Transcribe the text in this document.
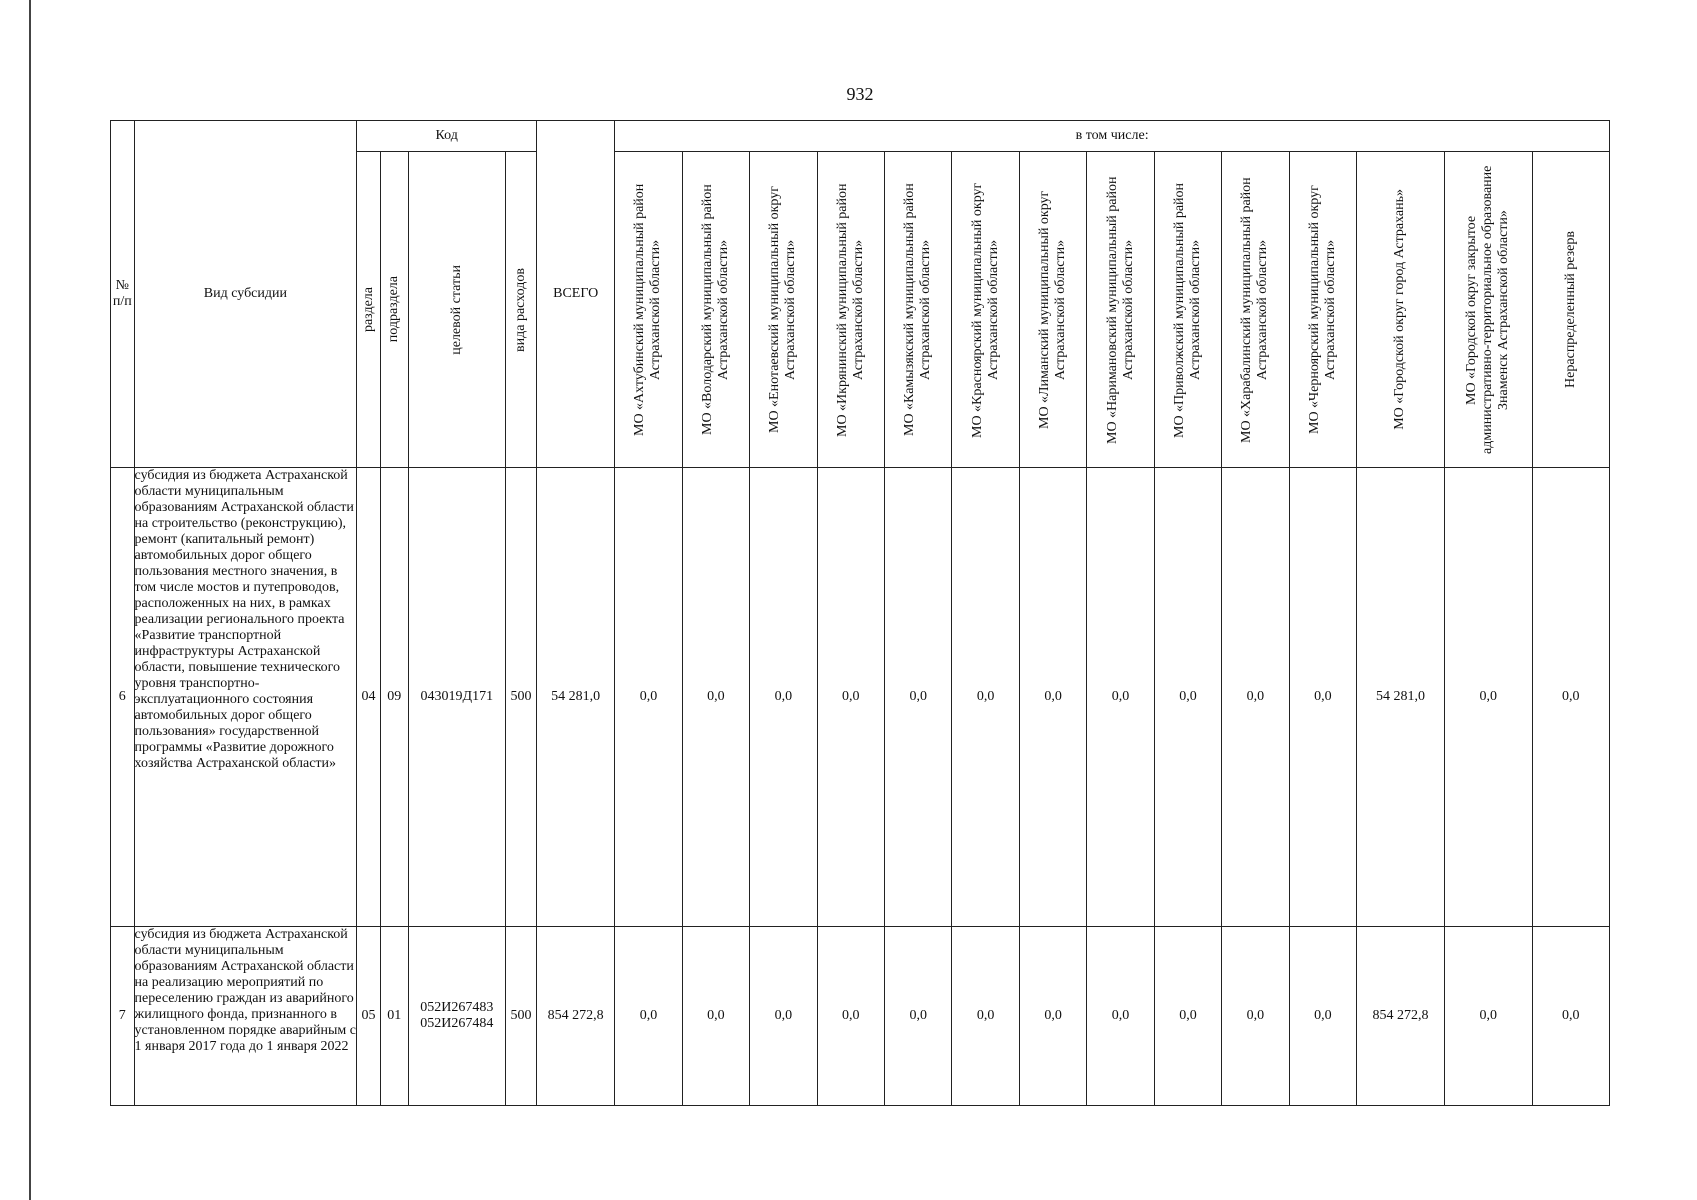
932
№ п/п	Вид субсидии	Код				ВСЕГО	в том числе:													

		раздела	подраздела	целевой статьи	вида расходов		МО «Ахтубинский муниципальный район Астраханской области»	МО «Володарский муниципальный район Астраханской области»	МО «Енотаевский муниципальный округ Астраханской области»	МО «Икрянинский муниципальный район Астраханской области»	МО «Камызякский муниципальный район Астраханской области»	МО «Красноярский муниципальный округ Астраханской области»	МО «Лиманский муниципальный округ Астраханской области»	МО «Наримановский муниципальный район Астраханской области»	МО «Приволжский муниципальный район Астраханской области»	МО «Харабалинский муниципальный район Астраханской области»	МО «Черноярский муниципальный округ Астраханской области»	МО «Городской округ город Астрахань»	МО «Городской округ закрытое административно-территориальное образование Знаменск Астраханской области»	Нераспределенный резерв

6	субсидия из бюджета Астраханской области муниципальным образованиям Астраханской области на строительство (реконструкцию), ремонт (капитальный ремонт) автомобильных дорог общего пользования местного значения, в том числе мостов и путепроводов, расположенных на них, в рамках реализации регионального проекта «Развитие транспортной инфраструктуры Астраханской области, повышение технического уровня транспортно-эксплуатационного состояния автомобильных дорог общего пользования» государственной программы «Развитие дорожного хозяйства Астраханской области»	04	09	043019Д171	500	54 281,0	0,0	0,0	0,0	0,0	0,0	0,0	0,0	0,0	0,0	0,0	0,0	54 281,0	0,0	0,0
7	субсидия из бюджета Астраханской области муниципальным образованиям Астраханской области на реализацию мероприятий по переселению граждан из аварийного жилищного фонда, признанного в установленном порядке аварийным с 1 января 2017 года до 1 января 2022	05	01	052И267483 052И267484	500	854 272,8	0,0	0,0	0,0	0,0	0,0	0,0	0,0	0,0	0,0	0,0	0,0	854 272,8	0,0	0,0
